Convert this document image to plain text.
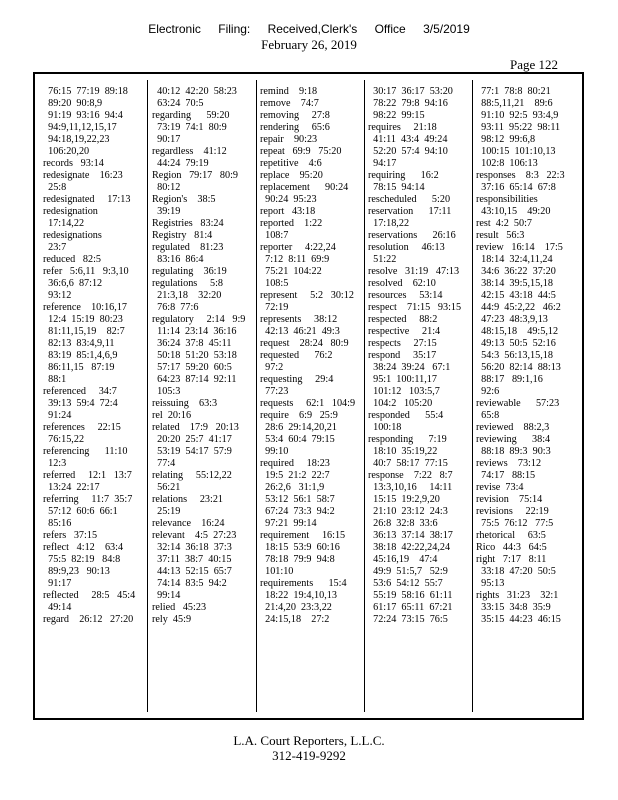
Electronic Filing: Received,Clerk's Office 3/5/2019
February 26, 2019
Page 122
76:15  77:19  89:18
89:20  90:8,9
91:19  93:16  94:4
94:9,11,12,15,17
94:18,19,22,23
106:20,20
records   93:14
redesignate    16:23
25:8
redesignated     17:13
redesignation
17:14,22
redesignations
23:7
reduced   82:5
refer   5:6,11   9:3,10
36:6,6  87:12
93:12
reference    10:16,17
12:4  15:19  80:23
81:11,15,19    82:7
82:13  83:4,9,11
83:19  85:1,4,6,9
86:11,15   87:19
88:1
referenced     34:7
39:13  59:4  72:4
91:24
references     22:15
76:15,22
referencing      11:10
12:3
referred     12:1   13:7
13:24  22:17
referring     11:7  35:7
57:12  60:6  66:1
85:16
refers   37:15
reflect   4:12    63:4
75:5  82:19   84:8
89:9,23   90:13
91:17
reflected     28:5   45:4
49:14
regard    26:12   27:20
40:12  42:20  58:23
63:24  70:5
regarding      59:20
73:19  74:1  80:9
90:17
regardless    41:12
44:24  79:19
Region   79:17   80:9
80:12
Region's    38:5
39:19
Registries   83:24
Registry   81:4
regulated    81:23
83:16  86:4
regulating    36:19
regulations     5:8
21:3,18    32:20
76:8  77:6
regulatory     2:14   9:9
11:14  23:14  36:16
36:24  37:8  45:11
50:18  51:20  53:18
57:17  59:20  60:5
64:23  87:14  92:11
105:3
reissuing    63:3
rel  20:16
related    17:9   20:13
20:20  25:7  41:17
53:19  54:17  57:9
77:4
relating     55:12,22
56:21
relations     23:21
25:19
relevance    16:24
relevant    4:5  27:23
32:14  36:18  37:3
37:11  38:7  40:15
44:13  52:15  65:7
74:14  83:5  94:2
99:14
relied   45:23
rely  45:9
remind    9:18
remove    74:7
removing     27:8
rendering     65:6
repair    90:23
repeat   69:9   75:20
repetitive    4:6
replace    95:20
replacement      90:24
90:24  95:23
report   43:18
reported    1:22
108:7
reporter     4:22,24
7:12  8:11  69:9
75:21  104:22
108:5
represent     5:2   30:12
72:19
represents     38:12
42:13  46:21  49:3
request    28:24   80:9
requested      76:2
97:2
requesting     29:4
77:23
requests     62:1   104:9
require    6:9   25:9
28:6  29:14,20,21
53:4  60:4  79:15
99:10
required     18:23
19:5  21:2  22:7
26:2,6   31:1,9
53:12  56:1  58:7
67:24  73:3  94:2
97:21  99:14
requirement     16:15
18:15  53:9  60:16
78:18  79:9  94:8
101:10
requirements      15:4
18:22  19:4,10,13
21:4,20  23:3,22
24:15,18    27:2
30:17  36:17  53:20
78:22  79:8  94:16
98:22  99:15
requires     21:18
41:11  43:4  49:24
52:20  57:4  94:10
94:17
requiring      16:2
78:15  94:14
rescheduled      5:20
reservation      17:11
17:18,22
reservations      26:16
resolution     46:13
51:22
resolve   31:19   47:13
resolved    62:10
resources     53:14
respect    71:15   93:15
respected     88:2
respective     21:4
respects     27:15
respond     35:17
38:24  39:24   67:1
95:1  100:11,17
101:12   103:5,7
104:2   105:20
responded      55:4
100:18
responding      7:19
18:10  35:19,22
40:7  58:17  77:15
response    7:22   8:7
13:3,10,16     14:11
15:15  19:2,9,20
21:10  23:12  24:3
26:8  32:8  33:6
36:13  37:14  38:17
38:18  42:22,24,24
45:16,19    47:4
49:9  51:5,7   52:9
53:6  54:12  55:7
55:19  58:16  61:11
61:17  65:11  67:21
72:24  73:15  76:5
77:1  78:8  80:21
88:5,11,21    89:6
91:10  92:5  93:4,9
93:11  95:22  98:11
98:12  99:6,8
100:15  101:10,13
102:8  106:13
responses    8:3   22:3
37:16  65:14  67:8
responsibilities
43:10,15    49:20
rest  4:2  50:7
result   56:3
review   16:14    17:5
18:14  32:4,11,24
34:6  36:22  37:20
38:14  39:5,15,18
42:15  43:18  44:5
44:9  45:2,22   46:2
47:23  48:3,9,13
48:15,18    49:5,12
49:13  50:5  52:16
54:3  56:13,15,18
56:20  82:14  88:13
88:17   89:1,16
92:6
reviewable      57:23
65:8
reviewed    88:2,3
reviewing      38:4
88:18  89:3  90:3
reviews    73:12
74:17   88:15
revise  73:4
revision    75:14
revisions     22:19
75:5  76:12   77:5
rhetorical     63:5
Rico   44:3   64:5
right   7:17   8:11
33:18  47:20  50:5
95:13
rights   31:23    32:1
33:15  34:8  35:9
35:15  44:23  46:15
L.A. Court Reporters, L.L.C.
312-419-9292
